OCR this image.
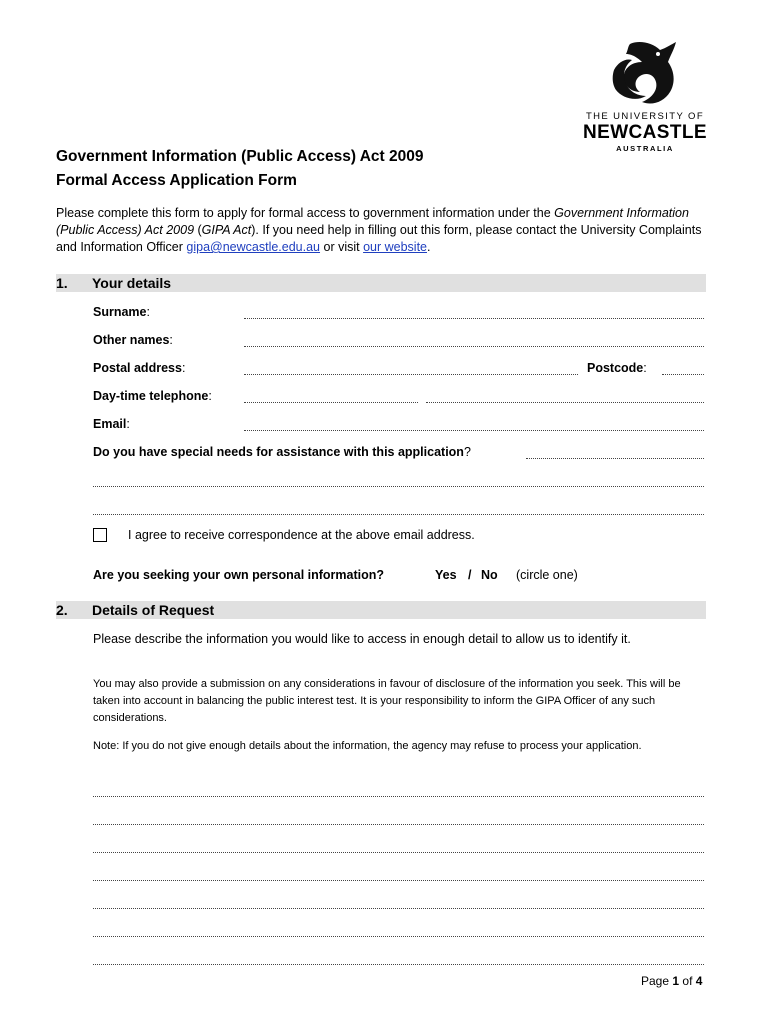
THE UNIVERSITY OF
NEWCASTLE
AUSTRALIA
Government Information (Public Access) Act 2009
Formal Access Application Form
Please complete this form to apply for formal access to government information under the Government Information (Public Access) Act 2009 (GIPA Act). If you need help in filling out this form, please contact the University Complaints and Information Officer gipa@newcastle.edu.au or visit our website.
1. Your details
Surname:
Other names:
Postal address:	Postcode:
Day-time telephone:
Email:
Do you have special needs for assistance with this application?
I agree to receive correspondence at the above email address.
Are you seeking your own personal information?	Yes / No (circle one)
2. Details of Request
Please describe the information you would like to access in enough detail to allow us to identify it.
You may also provide a submission on any considerations in favour of disclosure of the information you seek. This will be taken into account in balancing the public interest test. It is your responsibility to inform the GIPA Officer of any such considerations.
Note: If you do not give enough details about the information, the agency may refuse to process your application.
Page 1 of 4
